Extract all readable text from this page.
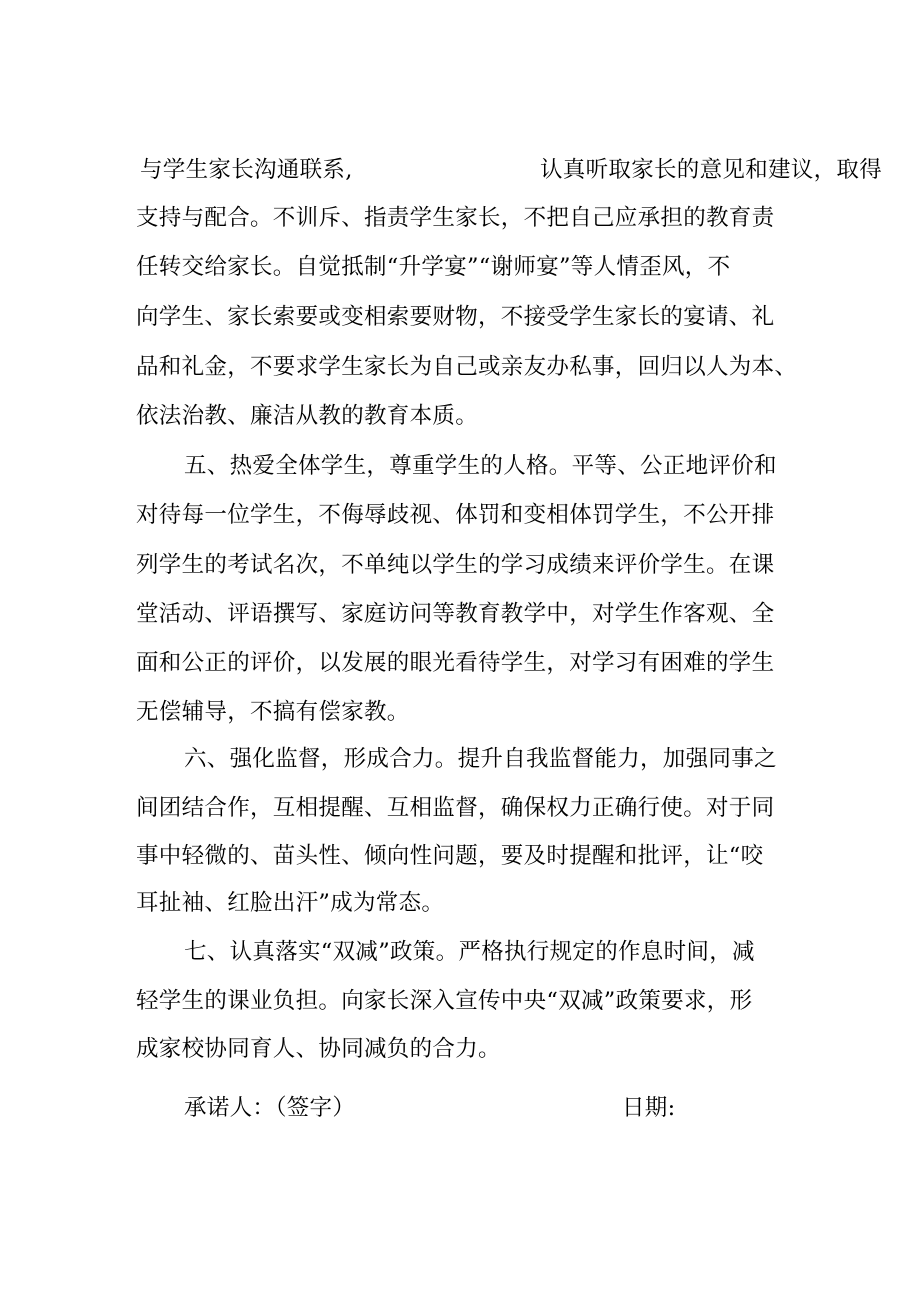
与学生家长沟通联系,	认真听取家长的意见和建议，取得
支持与配合。不训斥、指责学生家长，不把自己应承担的教育责
任转交给家长。自觉抵制“升学宴”“谢师宴”等人情歪风，不
向学生、家长索要或变相索要财物，不接受学生家长的宴请、礼
品和礼金，不要求学生家长为自己或亲友办私事，回归以人为本、
依法治教、廉洁从教的教育本质。
五、热爱全体学生，尊重学生的人格。平等、公正地评价和
对待每一位学生，不侮辱歧视、体罚和变相体罚学生，不公开排
列学生的考试名次，不单纯以学生的学习成绩来评价学生。在课
堂活动、评语撰写、家庭访问等教育教学中，对学生作客观、全
面和公正的评价，以发展的眼光看待学生，对学习有困难的学生
无偿辅导，不搞有偿家教。
六、强化监督，形成合力。提升自我监督能力，加强同事之
间团结合作，互相提醒、互相监督，确保权力正确行使。对于同
事中轻微的、苗头性、倾向性问题，要及时提醒和批评，让“咬
耳扯袖、红脸出汗”成为常态。
七、认真落实“双减”政策。严格执行规定的作息时间，减
轻学生的课业负担。向家长深入宣传中央“双减”政策要求，形
成家校协同育人、协同减负的合力。
承诺人：（签字）	日期:
